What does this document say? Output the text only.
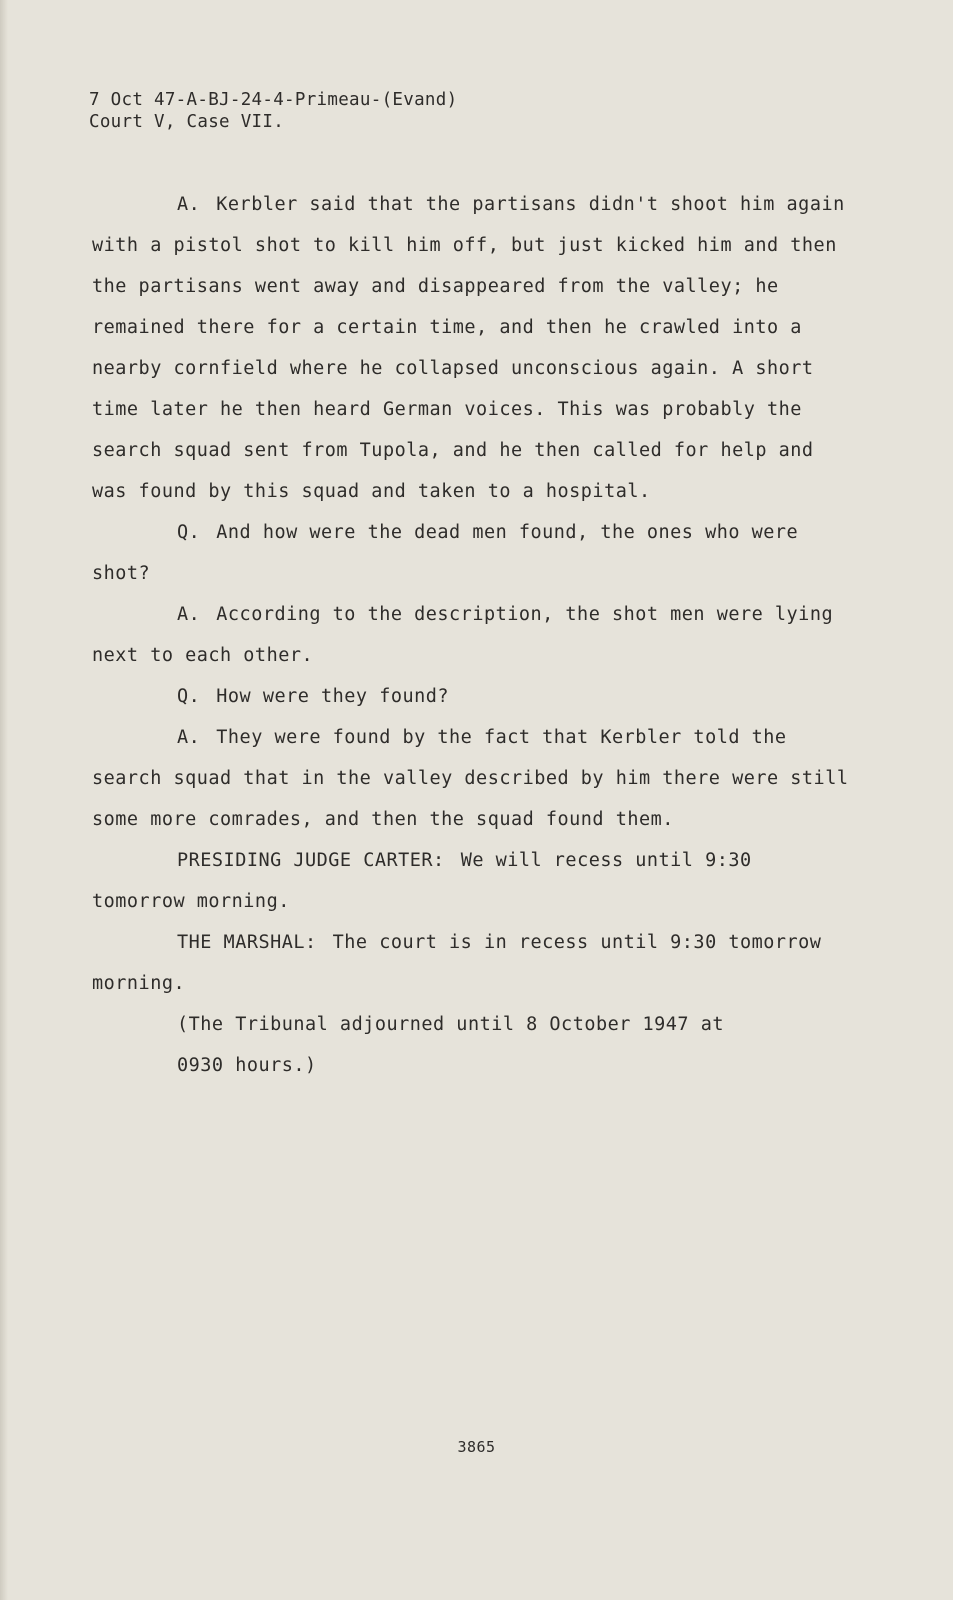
7 Oct 47-A-BJ-24-4-Primeau-(Evand)
Court V, Case VII.

A. Kerbler said that the partisans didn't shoot him again with a pistol shot to kill him off, but just kicked him and then the partisans went away and disappeared from the valley; he remained there for a certain time, and then he crawled into a nearby cornfield where he collapsed unconscious again. A short time later he then heard German voices. This was probably the search squad sent from Tupola, and he then called for help and was found by this squad and taken to a hospital.

Q. And how were the dead men found, the ones who were shot?

A. According to the description, the shot men were lying next to each other.

Q. How were they found?

A. They were found by the fact that Kerbler told the search squad that in the valley described by him there were still some more comrades, and then the squad found them.

PRESIDING JUDGE CARTER: We will recess until 9:30 tomorrow morning.

THE MARSHAL: The court is in recess until 9:30 tomorrow morning.

(The Tribunal adjourned until 8 October 1947 at

0930 hours.)

3865
